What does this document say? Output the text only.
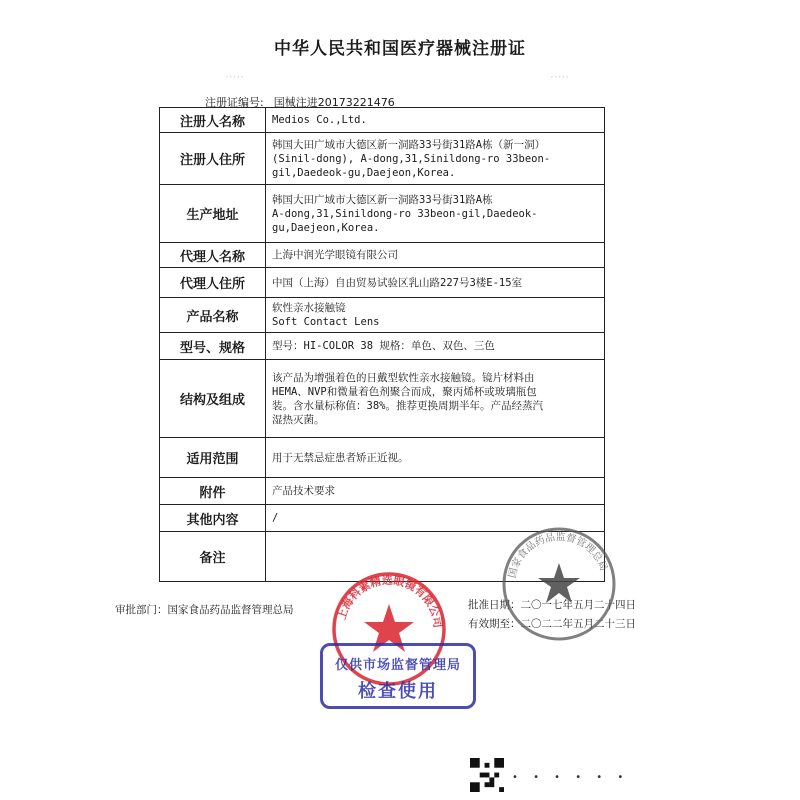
中华人民共和国医疗器械注册证
注册证编号: 国械注进20173221476
·····	·····
注册人名称	Medios Co.,Ltd.

注册人住所	韩国大田广域市大德区新一洞路33号街31路A栋（新一洞）
(Sinil-dong), A-dong,31,Sinildong-ro 33beon-
gil,Daedeok-gu,Daejeon,Korea.

生产地址	韩国大田广域市大德区新一洞路33号街31路A栋
A-dong,31,Sinildong-ro 33beon-gil,Daedeok-
gu,Daejeon,Korea.

代理人名称	上海中润光学眼镜有限公司

代理人住所	中国（上海）自由贸易试验区乳山路227号3楼E-15室

产品名称	软性亲水接触镜
Soft Contact Lens

型号、规格	型号：HI-COLOR 38 规格：单色、双色、三色

结构及组成	该产品为增强着色的日戴型软性亲水接触镜。镜片材料由
HEMA、NVP和微量着色剂聚合而成，聚丙烯杯或玻璃瓶包
装。含水量标称值：38%。推荐更换周期半年。产品经蒸汽
湿热灭菌。

适用范围	用于无禁忌症患者矫正近视。

附件	产品技术要求

其他内容	/

备注	
审批部门：国家食品药品监督管理总局	批准日期：二〇一七年五月二十四日
有效期至：二〇二二年五月二十三日
国家食品药品监督管理总局
上海科素精选眼镜有限公司
仅供市场监督管理局
检查使用
• • • • • •
